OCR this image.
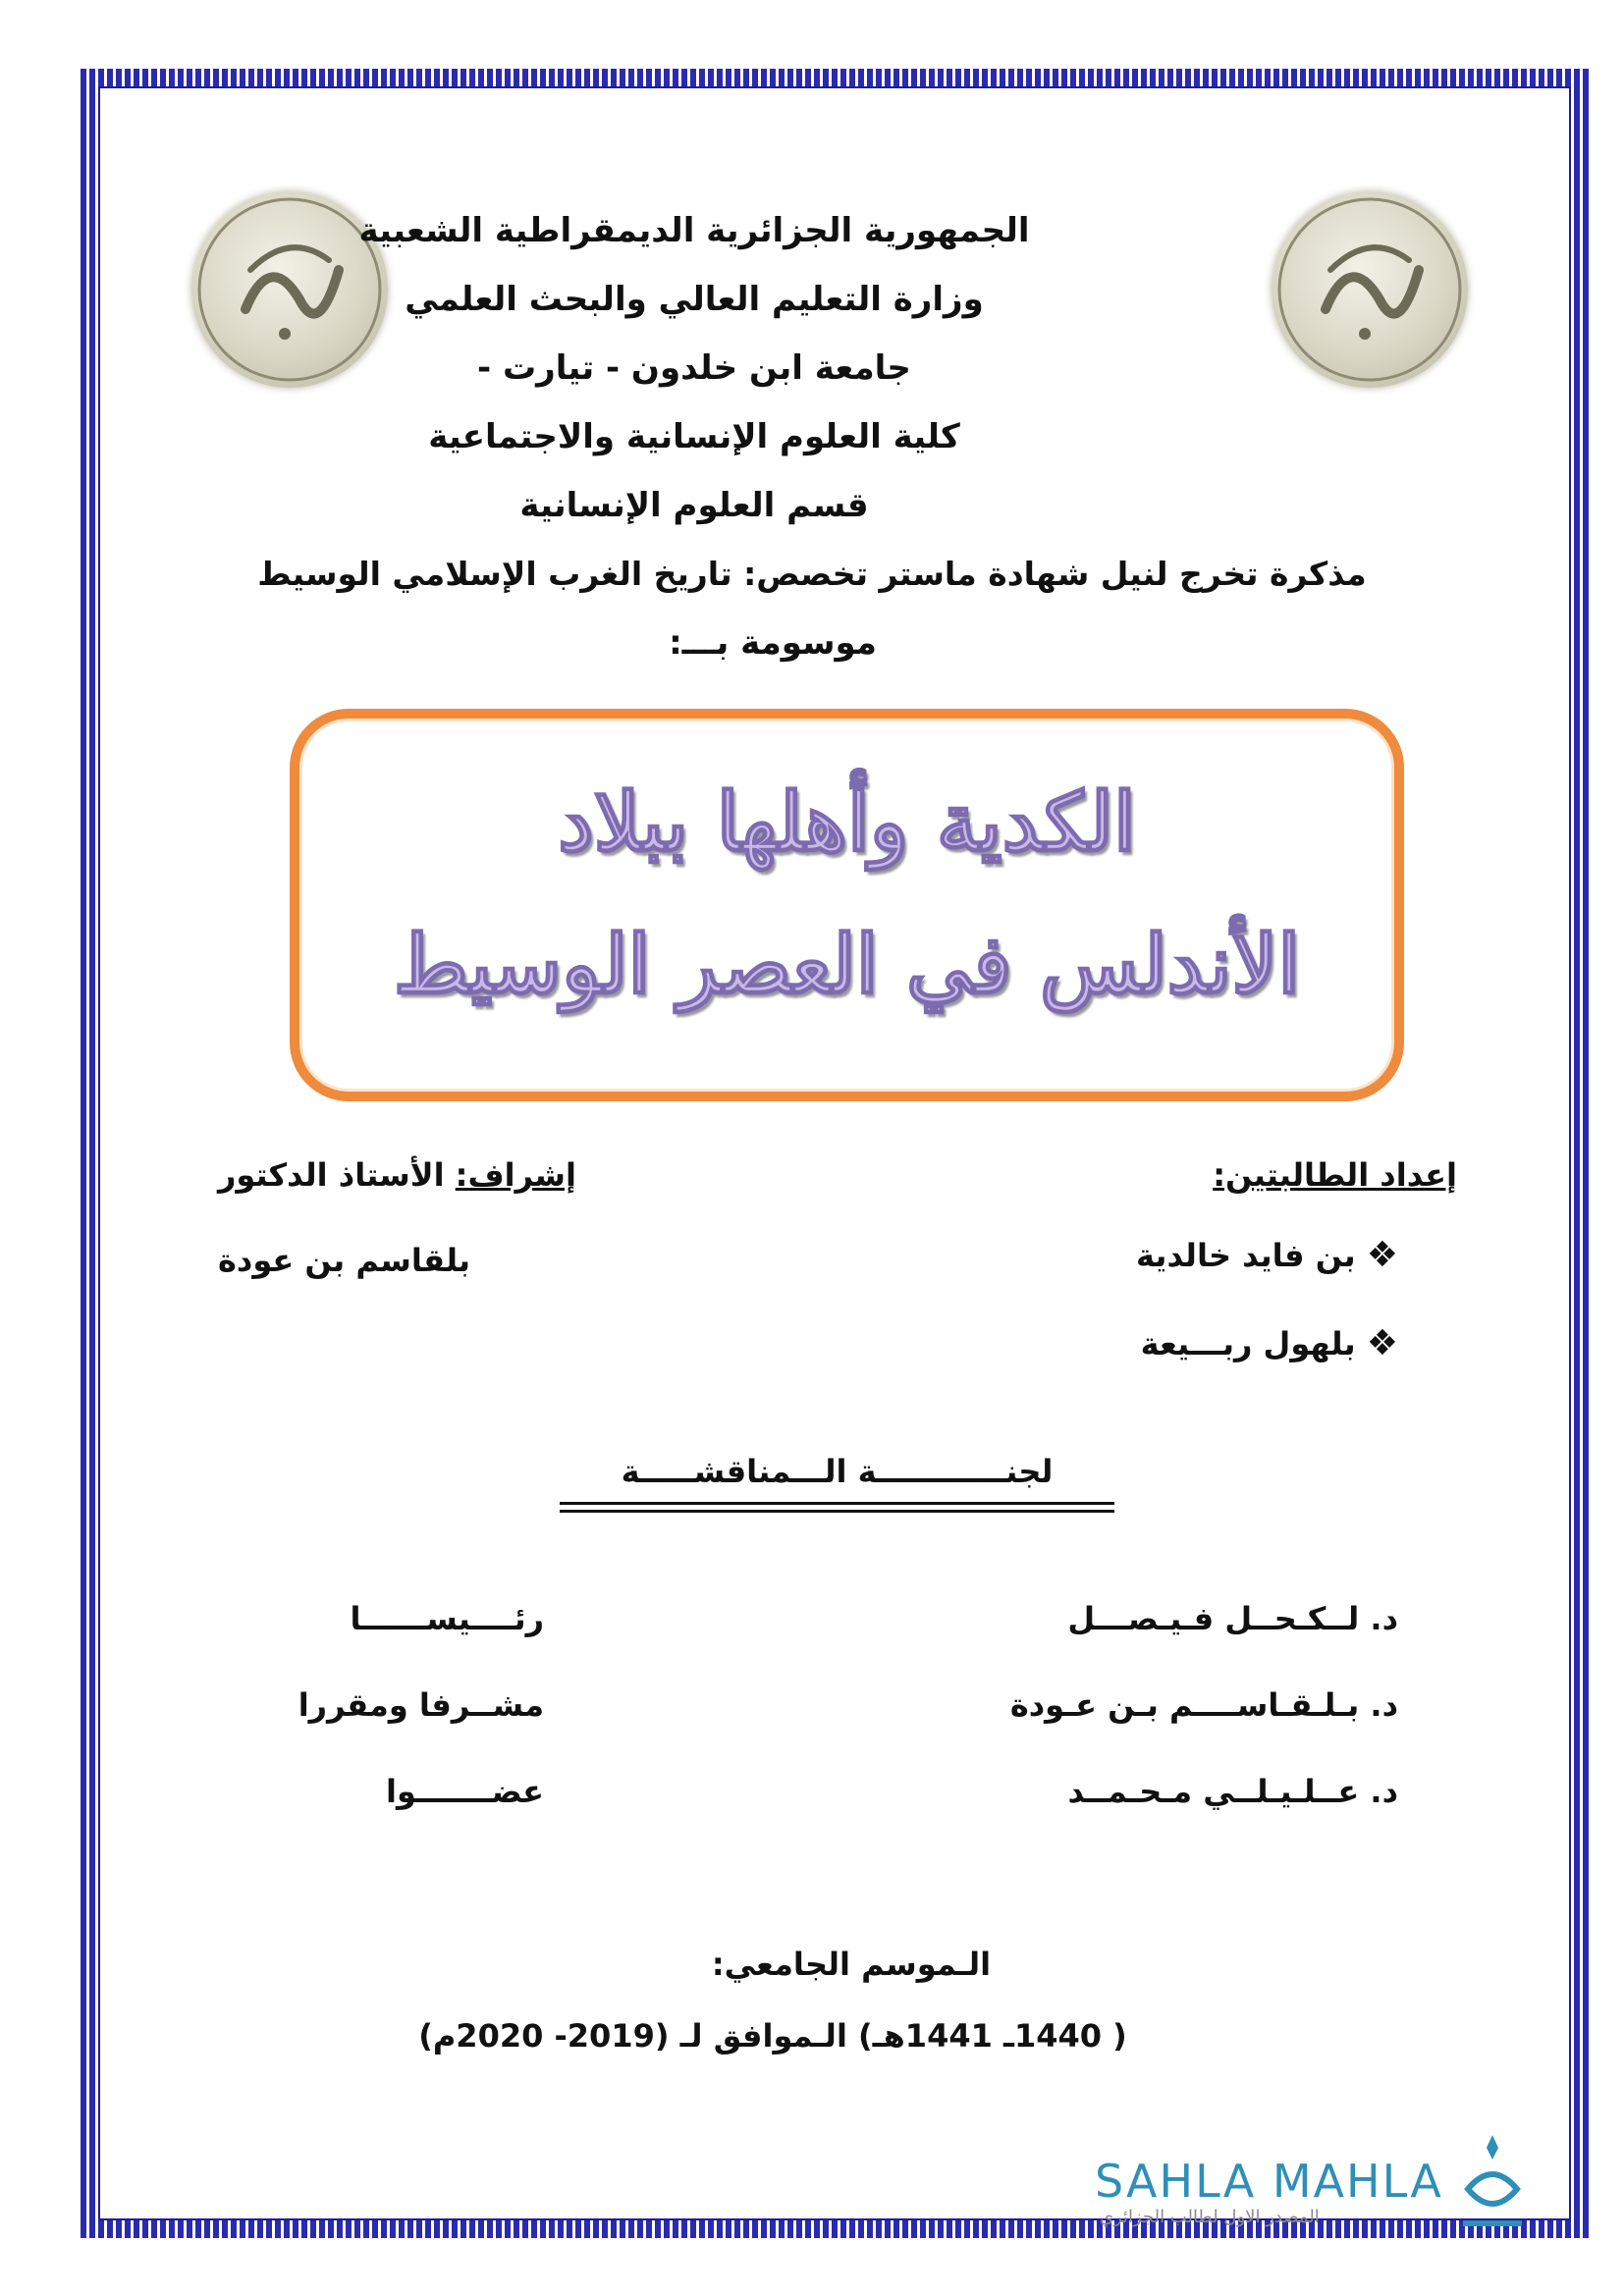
الجمهورية الجزائرية الديمقراطية الشعبية
وزارة التعليم العالي والبحث العلمي
جامعة ابن خلدون - تيارت -
كلية العلوم الإنسانية والاجتماعية
قسم العلوم الإنسانية
مذكرة تخرج لنيل شهادة ماستر تخصص: تاريخ الغرب الإسلامي الوسيط
موسومة بـــ:
الكدية وأهلها ببلاد
الأندلس في العصر الوسيط
إعداد الطالبتين:
❖ بن فايد خالدية
❖ بلهول ربـــيعة
إشراف: الأستاذ الدكتور
بلقاسم بن عودة
لجنــــــــــــة الـــمناقشـــــة
د. لــكـحــل فـيـصـــل
رئــــيســــــا
د. بـلـقـاســــم بـن عـودة
مشــرفا ومقررا
د. عــلـيـلــي مـحـمــد
عضـــــــوا
الـموسم الجامعي:
( 1440ـ 1441هـ) الـموافق لـ (2019- 2020م)
SAHLA MAHLA
المصدر الاول لطالب الجزائري
